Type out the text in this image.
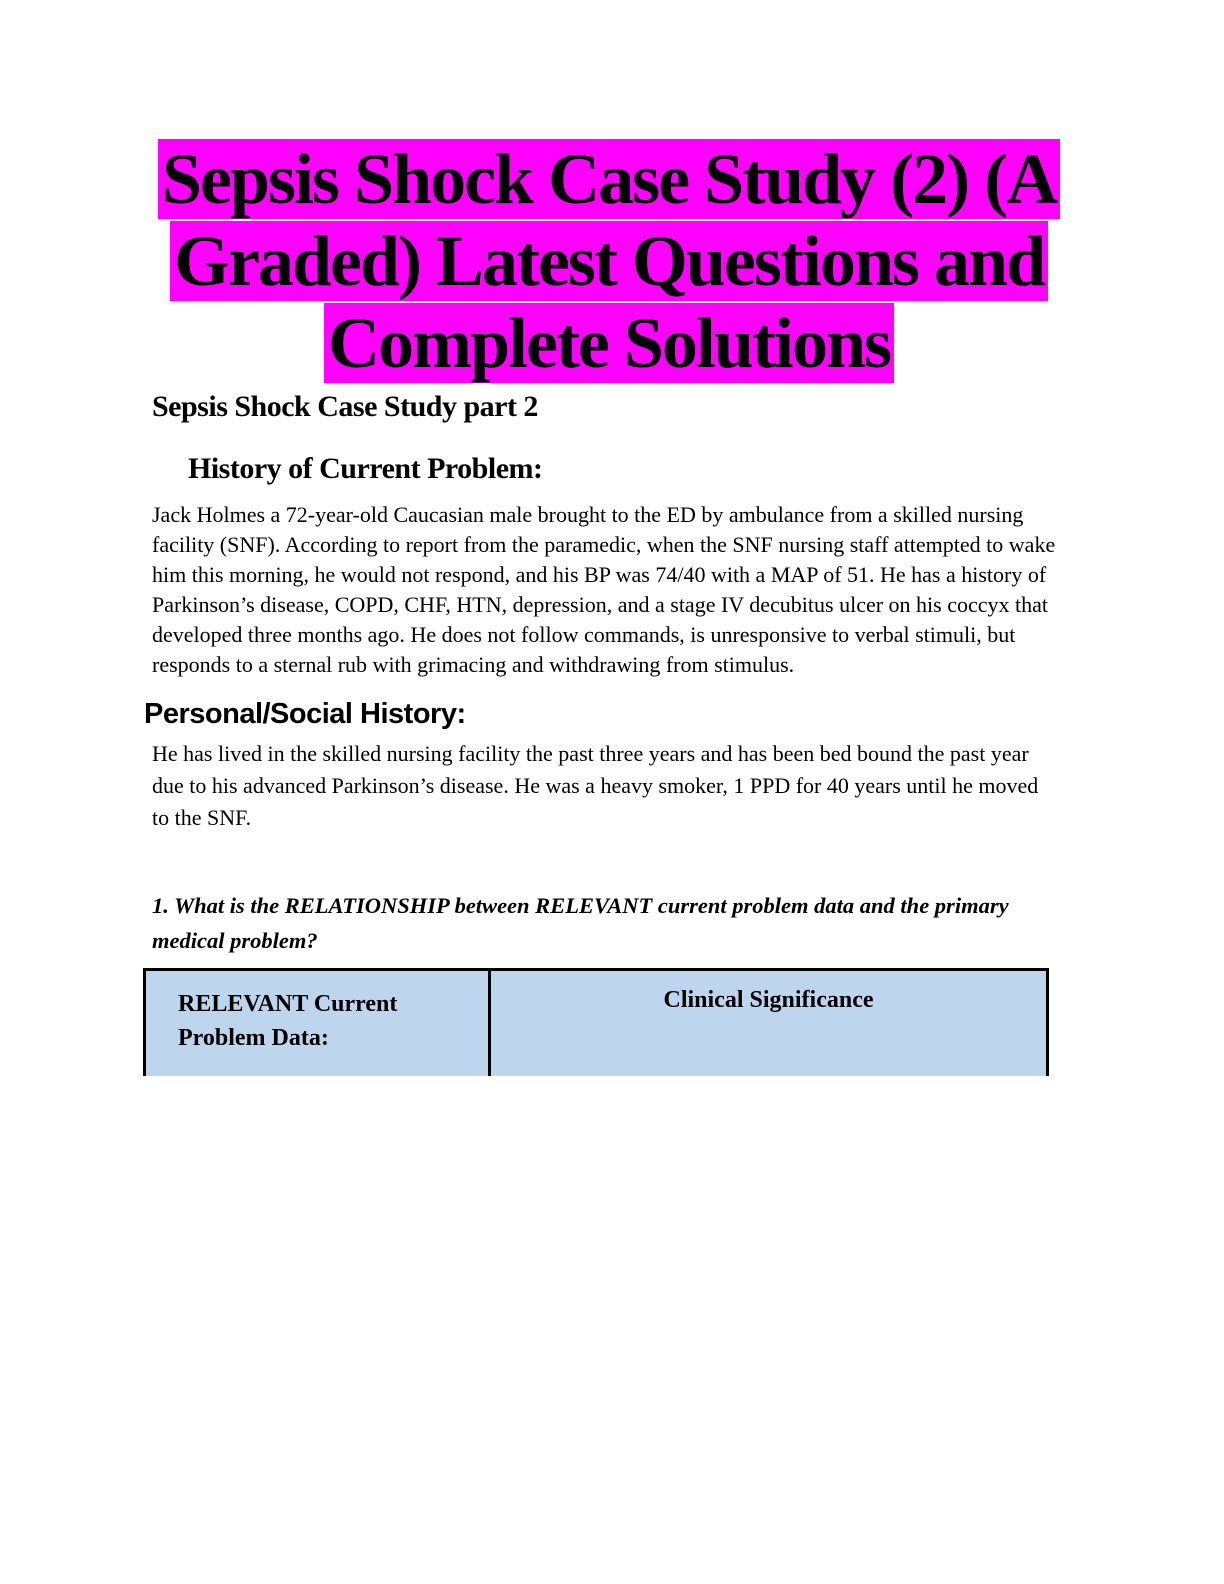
Sepsis Shock Case Study (2) (A
Graded) Latest Questions and
Complete Solutions
Sepsis Shock Case Study part 2
History of Current Problem:
Jack Holmes a 72-year-old Caucasian male brought to the ED by ambulance from a skilled nursing facility (SNF). According to report from the paramedic, when the SNF nursing staff attempted to wake him this morning, he would not respond, and his BP was 74/40 with a MAP of 51. He has a history of Parkinson’s disease, COPD, CHF, HTN, depression, and a stage IV decubitus ulcer on his coccyx that developed three months ago. He does not follow commands, is unresponsive to verbal stimuli, but responds to a sternal rub with grimacing and withdrawing from stimulus.
Personal/Social History:
He has lived in the skilled nursing facility the past three years and has been bed bound the past year due to his advanced Parkinson’s disease. He was a heavy smoker, 1 PPD for 40 years until he moved to the SNF.
1. What is the RELATIONSHIP between RELEVANT current problem data and the primary medical problem?
RELEVANT Current Problem Data:
Clinical Significance
